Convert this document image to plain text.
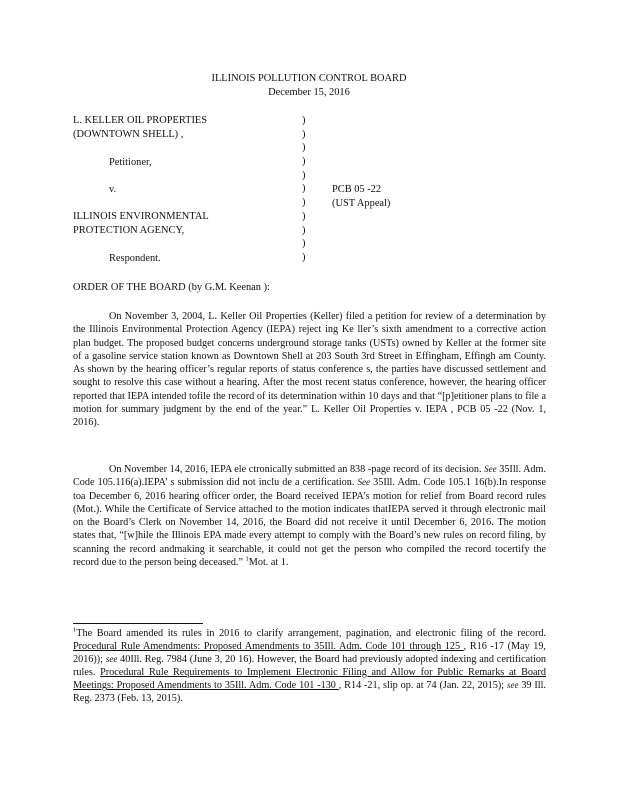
ILLINOIS POLLUTION CONTROL BOARD
December 15, 2016
L. KELLER OIL PROPERTIES
(DOWNTOWN SHELL) ,
Petitioner,
v.
ILLINOIS ENVIRONMENTAL
PROTECTION AGENCY,
Respondent.
)
)
)
)
)
)
)
)
)
)
)
PCB 05 -22
(UST Appeal)
ORDER OF THE BOARD (by G.M. Keenan ):
On November 3, 2004, L. Keller Oil Properties (Keller) filed a petition for review of a determination by the Illinois Environmental Protection Agency (IEPA) reject ing Ke ller’s sixth amendment to a corrective action plan budget. The proposed budget concerns underground storage tanks (USTs) owned by Keller at the former site of a gasoline service station known as Downtown Shell at 203 South 3rd Street in Effingham, Effingh am County. As shown by the hearing officer’s regular reports of status conference s, the parties have discussed settlement and sought to resolve this case without a hearing. After the most recent status conference, however, the hearing officer reported that IEPA intended tofile the record of its determination within 10 days and that “[p]etitioner plans to file a motion for summary judgment by the end of the year.” L. Keller Oil Properties v. IEPA , PCB 05 -22 (Nov. 1, 2016).
On November 14, 2016, IEPA ele ctronically submitted an 838 -page record of its decision. See 35Ill. Adm. Code 105.116(a).IEPA’ s submission did not inclu de a certification. See 35Ill. Adm. Code 105.1 16(b).In response toa December 6, 2016 hearing officer order, the Board received IEPA’s motion for relief from Board record rules (Mot.). While the Certificate of Service attached to the motion indicates thatIEPA served it through electronic mail on the Board’s Clerk on November 14, 2016, the Board did not receive it until December 6, 2016. The motion states that, “[w]hile the Illinois EPA made every attempt to comply with the Board’s new rules on record filing, by scanning the record andmaking it searchable, it could not get the person who compiled the record tocertify the record due to the person being deceased.” $^1$Mot. at 1.
$^1$The Board amended its rules in 2016 to clarify arrangement, pagination, and electronic filing of the record. Procedural Rule Amendments: Proposed Amendments to 35Ill. Adm. Code 101 through 125 , R16 -17 (May 19, 2016)); see 40Ill. Reg. 7984 (June 3, 20 16). However, the Board had previously adopted indexing and certification rules. Procedural Rule Requirements to Implement Electronic Filing and Allow for Public Remarks at Board Meetings: Proposed Amendments to 35Ill. Adm. Code 101 -130 , R14 -21, slip op. at 74 (Jan. 22, 2015); see 39 Ill. Reg. 2373 (Feb. 13, 2015).
